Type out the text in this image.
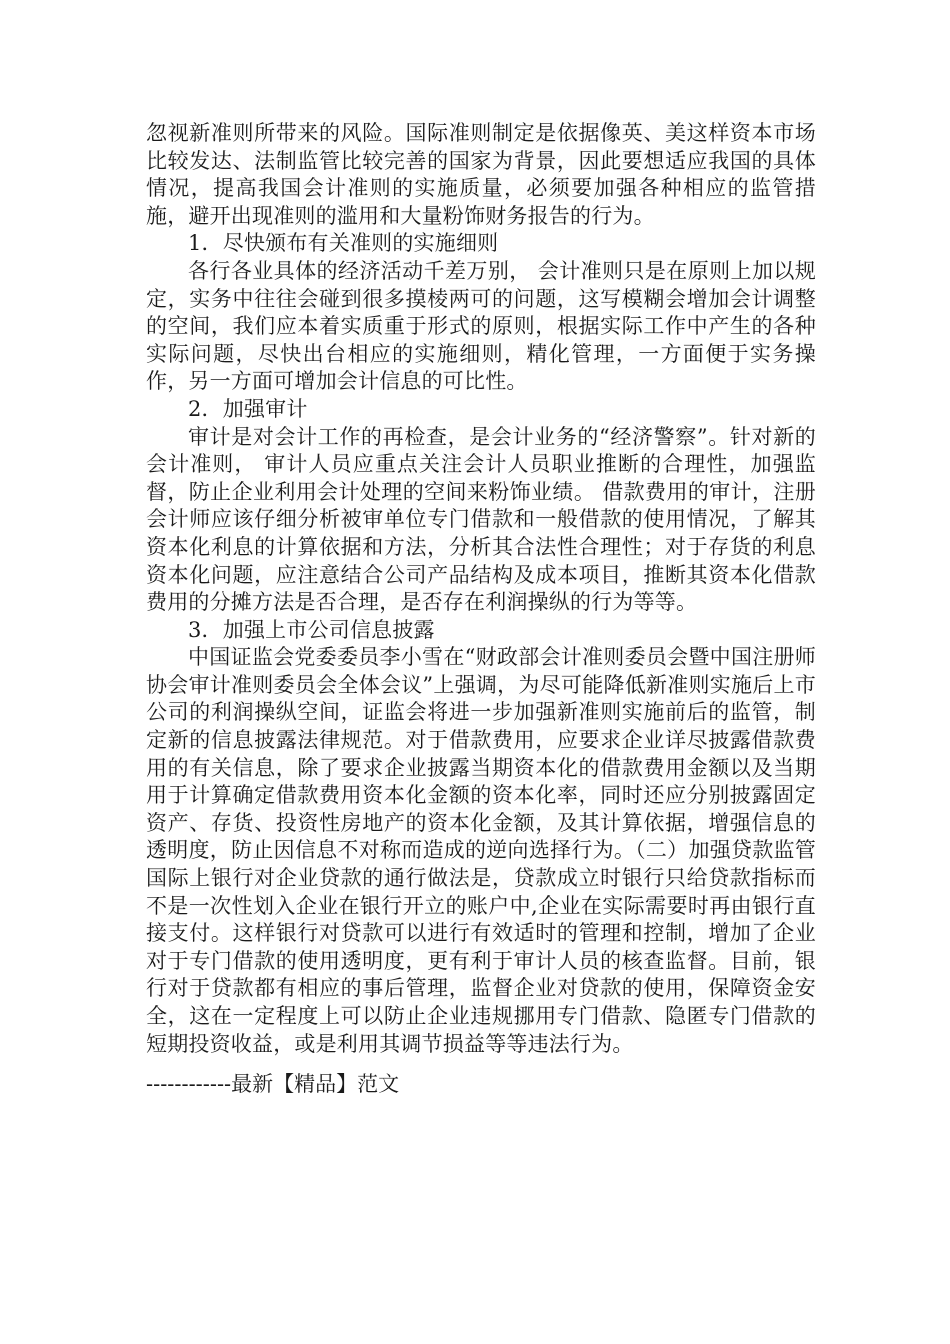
忽视新准则所带来的风险。国际准则制定是依据像英、美这样资本市场比较发达、法制监管比较完善的国家为背景，因此要想适应我国的具体情况，提高我国会计准则的实施质量，必须要加强各种相应的监管措施，避开出现准则的滥用和大量粉饰财务报告的行为。

1．尽快颁布有关准则的实施细则

各行各业具体的经济活动千差万别， 会计准则只是在原则上加以规定，实务中往往会碰到很多摸棱两可的问题，这写模糊会增加会计调整的空间，我们应本着实质重于形式的原则，根据实际工作中产生的各种实际问题，尽快出台相应的实施细则，精化管理，一方面便于实务操作，另一方面可增加会计信息的可比性。

2．加强审计

审计是对会计工作的再检查，是会计业务的“经济警察”。针对新的会计准则， 审计人员应重点关注会计人员职业推断的合理性，加强监督，防止企业利用会计处理的空间来粉饰业绩。 借款费用的审计，注册会计师应该仔细分析被审单位专门借款和一般借款的使用情况，了解其资本化利息的计算依据和方法，分析其合法性合理性；对于存货的利息资本化问题，应注意结合公司产品结构及成本项目，推断其资本化借款费用的分摊方法是否合理，是否存在利润操纵的行为等等。

3．加强上市公司信息披露

中国证监会党委委员李小雪在“财政部会计准则委员会暨中国注册师协会审计准则委员会全体会议”上强调，为尽可能降低新准则实施后上市公司的利润操纵空间，证监会将进一步加强新准则实施前后的监管，制定新的信息披露法律规范。对于借款费用，应要求企业详尽披露借款费用的有关信息，除了要求企业披露当期资本化的借款费用金额以及当期用于计算确定借款费用资本化金额的资本化率，同时还应分别披露固定资产、存货、投资性房地产的资本化金额，及其计算依据，增强信息的透明度，防止因信息不对称而造成的逆向选择行为。（二）加强贷款监管 国际上银行对企业贷款的通行做法是，贷款成立时银行只给贷款指标而不是一次性划入企业在银行开立的账户中,企业在实际需要时再由银行直接支付。这样银行对贷款可以进行有效适时的管理和控制，增加了企业对于专门借款的使用透明度，更有利于审计人员的核查监督。目前，银行对于贷款都有相应的事后管理，监督企业对贷款的使用，保障资金安全，这在一定程度上可以防止企业违规挪用专门借款、隐匿专门借款的短期投资收益，或是利用其调节损益等等违法行为。

------------最新【精品】范文
